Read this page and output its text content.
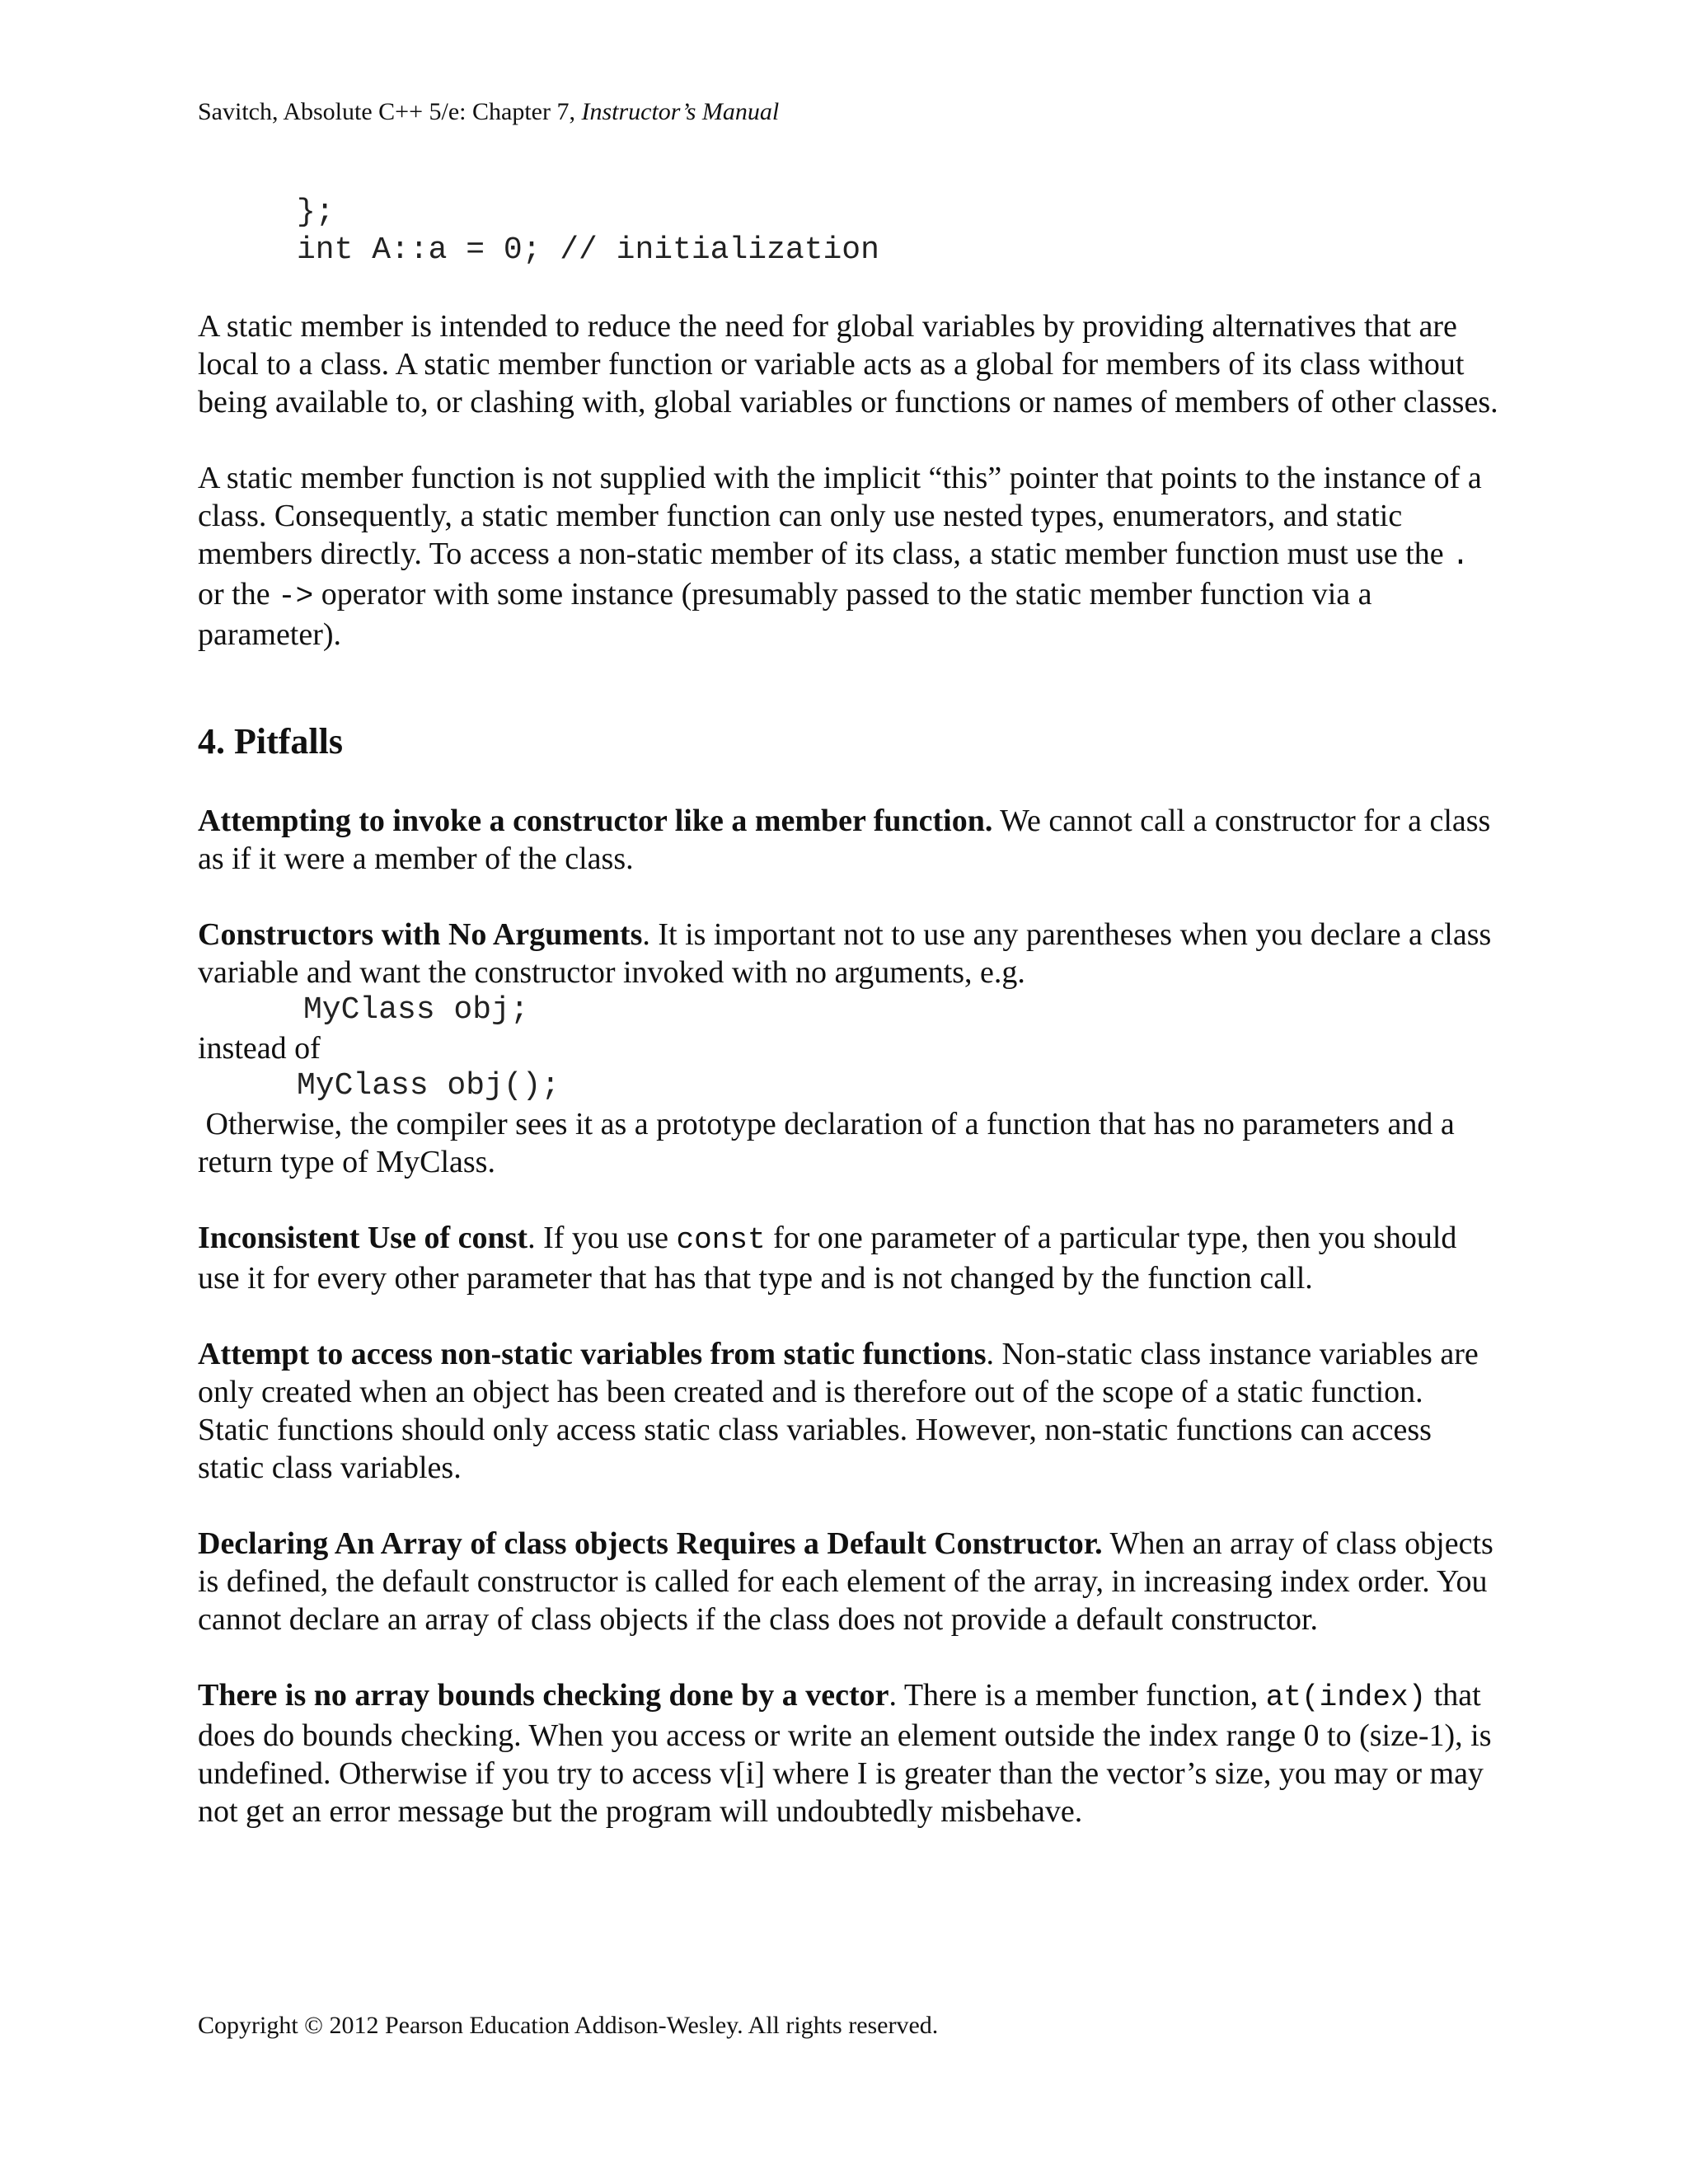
Savitch, Absolute C++ 5/e: Chapter 7, Instructor’s Manual
};
int A::a = 0; // initialization

A static member is intended to reduce the need for global variables by providing alternatives that are local to a class. A static member function or variable acts as a global for members of its class without being available to, or clashing with, global variables or functions or names of members of other classes.

A static member function is not supplied with the implicit “this” pointer that points to the instance of a class. Consequently, a static member function can only use nested types, enumerators, and static members directly. To access a non-static member of its class, a static member function must use the . or the -> operator with some instance (presumably passed to the static member function via a parameter).

4. Pitfalls

Attempting to invoke a constructor like a member function. We cannot call a constructor for a class as if it were a member of the class.

Constructors with No Arguments. It is important not to use any parentheses when you declare a class variable and want the constructor invoked with no arguments, e.g.

MyClass obj;

instead of

MyClass obj();

Otherwise, the compiler sees it as a prototype declaration of a function that has no parameters and a return type of MyClass.

Inconsistent Use of const. If you use const for one parameter of a particular type, then you should use it for every other parameter that has that type and is not changed by the function call.

Attempt to access non-static variables from static functions. Non-static class instance variables are only created when an object has been created and is therefore out of the scope of a static function. Static functions should only access static class variables. However, non-static functions can access static class variables.

Declaring An Array of class objects Requires a Default Constructor. When an array of class objects is defined, the default constructor is called for each element of the array, in increasing index order. You cannot declare an array of class objects if the class does not provide a default constructor.

There is no array bounds checking done by a vector. There is a member function, at(index) that does do bounds checking. When you access or write an element outside the index range 0 to (size-1), is undefined. Otherwise if you try to access v[i] where I is greater than the vector’s size, you may or may not get an error message but the program will undoubtedly misbehave.

Copyright © 2012 Pearson Education Addison-Wesley. All rights reserved.
